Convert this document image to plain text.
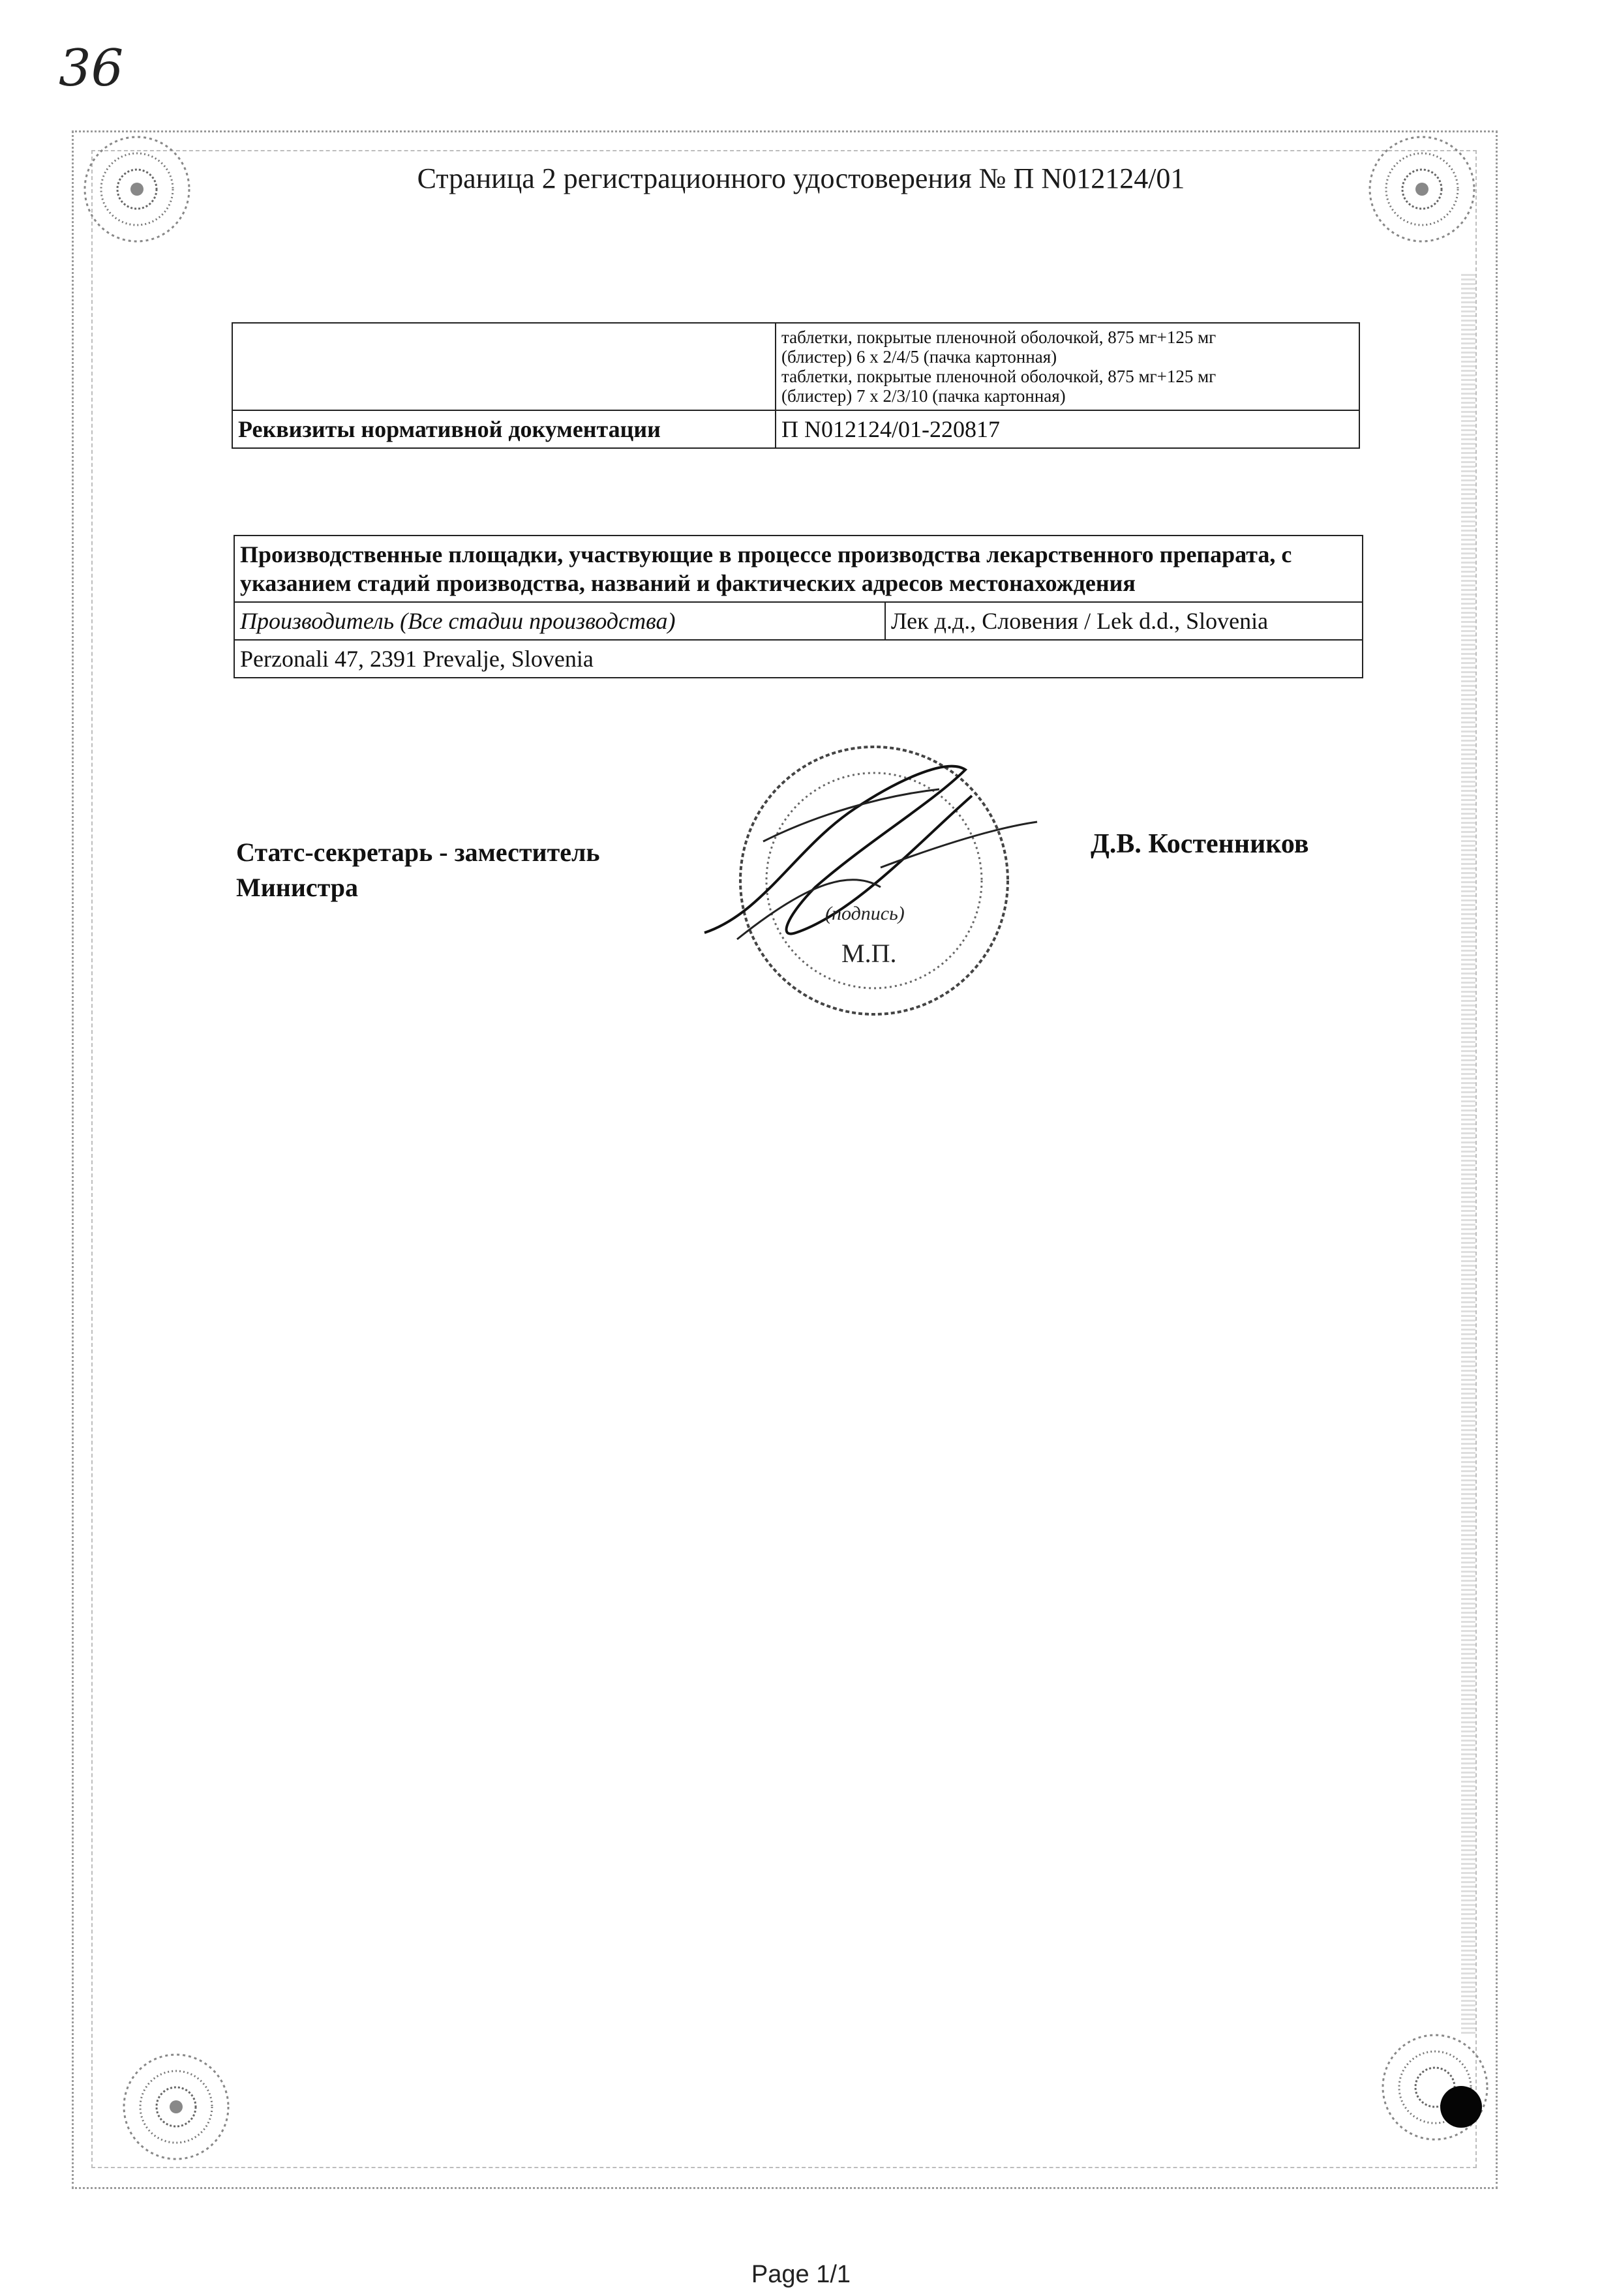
36
Страница 2 регистрационного удостоверения № П N012124/01

	таблетки, покрытые пленочной оболочкой, 875 мг+125 мг
(блистер) 6 х 2/4/5 (пачка картонная)
таблетки, покрытые пленочной оболочкой, 875 мг+125 мг
(блистер) 7 х 2/3/10 (пачка картонная)

Реквизиты нормативной документации	П N012124/01-220817
Производственные площадки, участвующие в процессе производства лекарственного препарата, с указанием стадий производства, названий и фактических адресов местонахождения
Производитель (Все стадии производства)	Лек д.д., Словения / Lek d.d., Slovenia
Perzonali 47, 2391 Prevalje, Slovenia
(подпись)
М.П.
Статс-секретарь - заместитель
Министра
Д.В. Костенников
Page 1/1
